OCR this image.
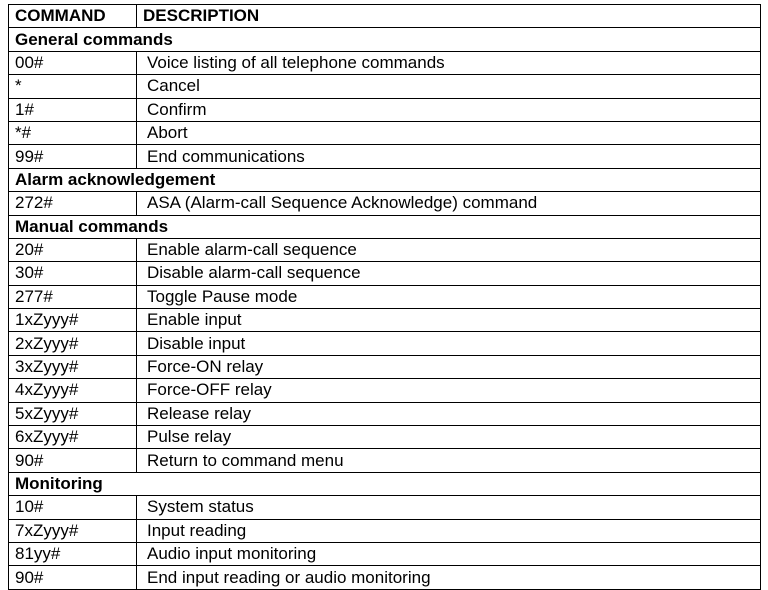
COMMAND	DESCRIPTION
General commands	
00#	Voice listing of all telephone commands
*	Cancel
1#	Confirm
*#	Abort
99#	End communications
Alarm acknowledgement	
272#	ASA (Alarm-call Sequence Acknowledge) command
Manual commands	
20#	Enable alarm-call sequence
30#	Disable alarm-call sequence
277#	Toggle Pause mode
1xZyyy#	Enable input
2xZyyy#	Disable input
3xZyyy#	Force-ON relay
4xZyyy#	Force-OFF relay
5xZyyy#	Release relay
6xZyyy#	Pulse relay
90#	Return to command menu
Monitoring	
10#	System status
7xZyyy#	Input reading
81yy#	Audio input monitoring
90#	End input reading or audio monitoring
